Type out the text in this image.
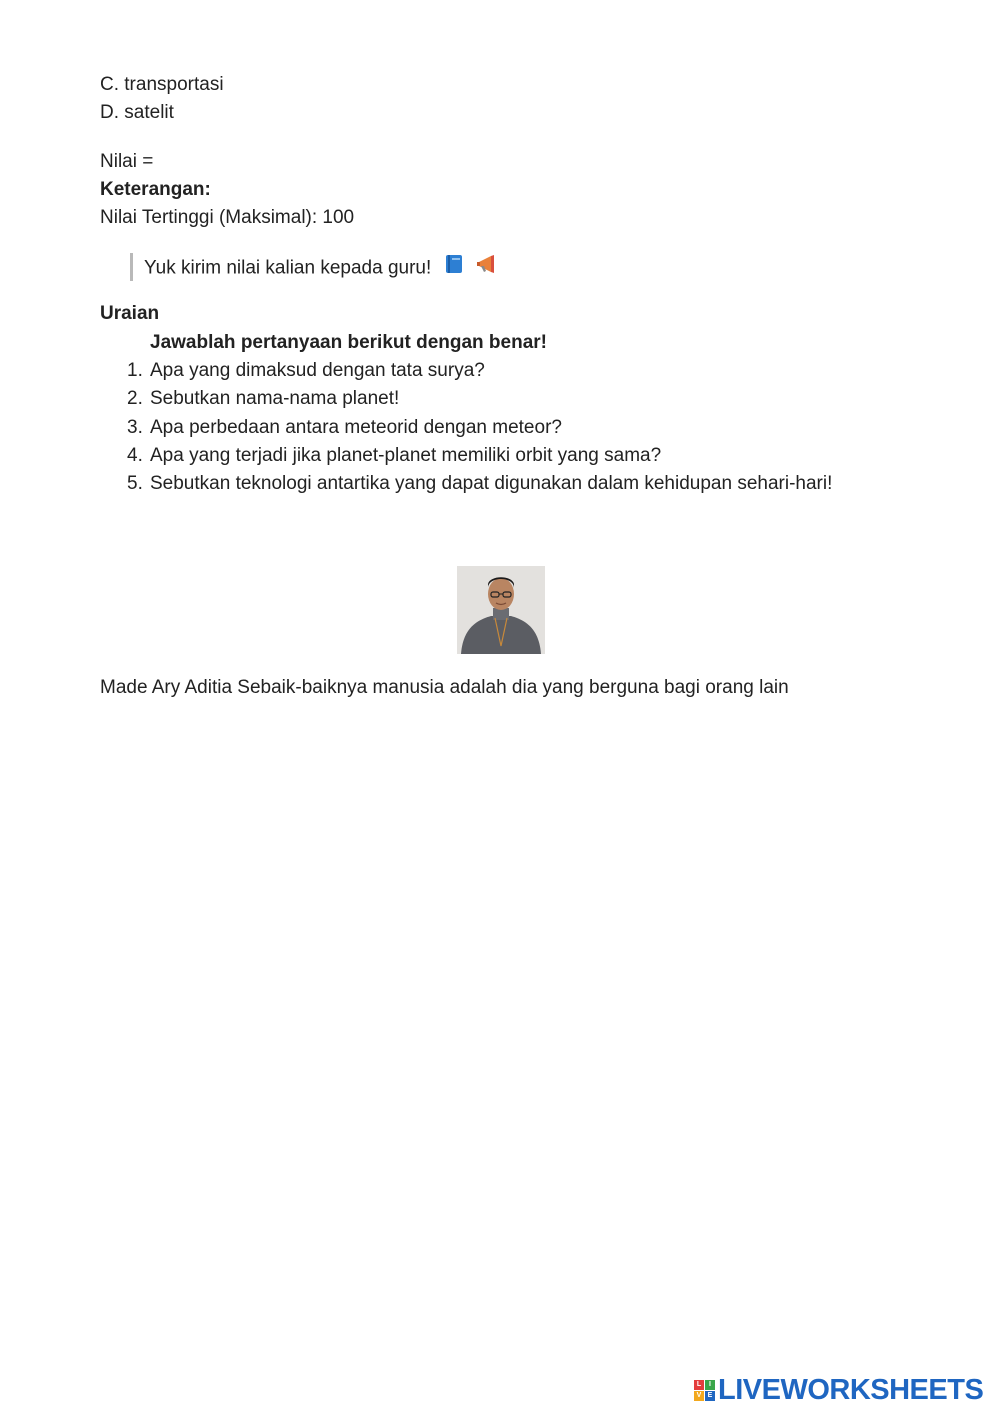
C. transportasi
D. satelit
Nilai =
Keterangan:
Nilai Tertinggi (Maksimal): 100
Yuk kirim nilai kalian kepada guru!
Uraian
Jawablah pertanyaan berikut dengan benar!
1. Apa yang dimaksud dengan tata surya?
2. Sebutkan nama-nama planet!
3. Apa perbedaan antara meteorid dengan meteor?
4. Apa yang terjadi jika planet-planet memiliki orbit yang sama?
5. Sebutkan teknologi antartika yang dapat digunakan dalam kehidupan sehari-hari!
Made Ary Aditia Sebaik-baiknya manusia adalah dia yang berguna bagi orang lain
L	I
V E LIVEWORKSHEETS
